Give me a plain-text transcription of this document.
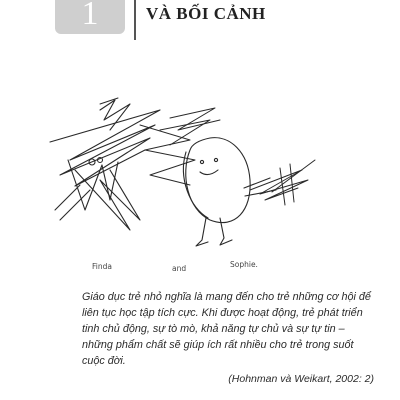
1	VÀ BỐI CẢNH
Finda	and	Sophie.

Giáo dục trẻ nhỏ nghĩa là mang đến cho trẻ những cơ hội để liên tục học tập tích cực. Khi được hoạt động, trẻ phát triển tinh chủ động, sự tò mò, khả năng tự chủ và sự tự tin – những phẩm chất sẽ giúp ích rất nhiều cho trẻ trong suốt cuộc đời.

(Hohnman và Weikart, 2002: 2)
